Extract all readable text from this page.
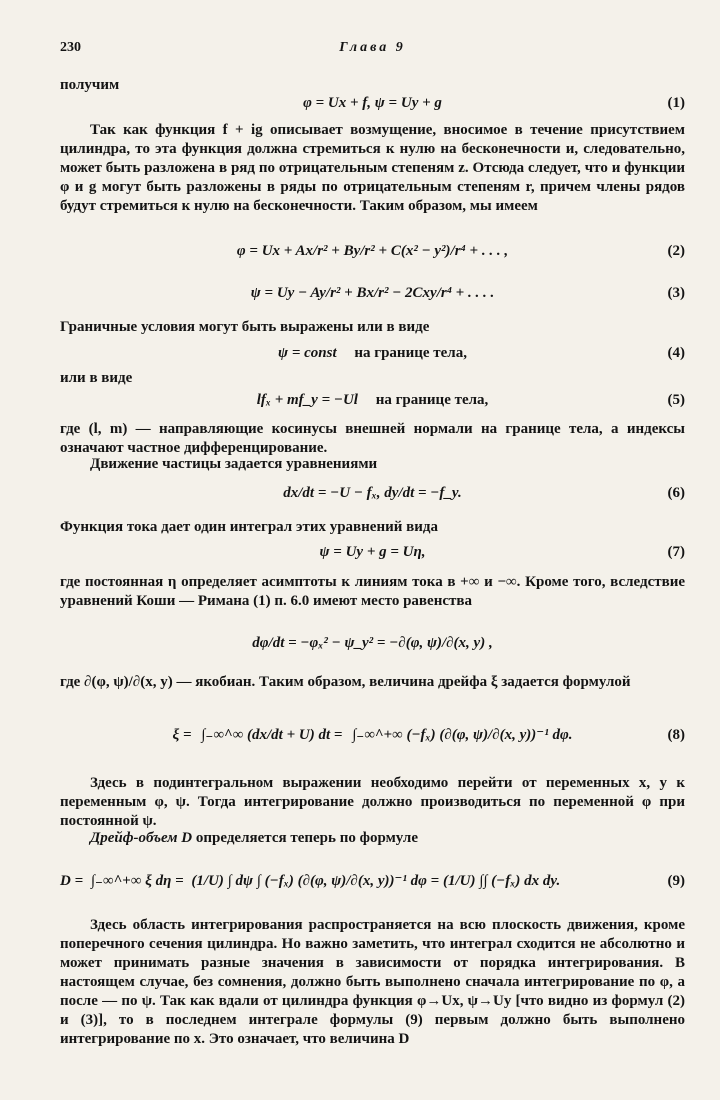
230	Глава 9
получим
φ = Ux + f, ψ = Uy + g	(1)
Так как функция f + ig описывает возмущение, вносимое в течение присутствием цилиндра, то эта функция должна стремиться к нулю на бесконечности и, следовательно, может быть разложена в ряд по отрицательным степеням z. Отсюда следует, что и функции φ и g могут быть разложены в ряды по отрицательным степеням r, причем члены рядов будут стремиться к нулю на бесконечности. Таким образом, мы имеем
φ = Ux + Ax/r² + By/r² + C(x² − y²)/r⁴ + . . . ,	(2)
ψ = Uy − Ay/r² + Bx/r² − 2Cxy/r⁴ + . . . .	(3)
Граничные условия могут быть выражены или в виде
ψ = const на границе тела,	(4)
или в виде
lfₓ + mf_y = −Ul на границе тела,	(5)
где (l, m) — направляющие косинусы внешней нормали на границе тела, а индексы означают частное дифференцирование.
Движение частицы задается уравнениями
dx/dt = −U − fₓ, dy/dt = −f_y.	(6)
Функция тока дает один интеграл этих уравнений вида
ψ = Uy + g = Uη,	(7)
где постоянная η определяет асимптоты к линиям тока в +∞ и −∞. Кроме того, вследствие уравнений Коши — Римана (1) п. 6.0 имеют место равенства
dφ/dt = −φₓ² − ψ_y² = −∂(φ, ψ)/∂(x, y) ,
где ∂(φ, ψ)/∂(x, y) — якобиан. Таким образом, величина дрейфа ξ задается формулой
ξ = ∫₋∞^∞ (dx/dt + U) dt = ∫₋∞^+∞ (−fₓ) (∂(φ, ψ)/∂(x, y))⁻¹ dφ.	(8)
Здесь в подинтегральном выражении необходимо перейти от переменных x, y к переменным φ, ψ. Тогда интегрирование должно производиться по переменной φ при постоянной ψ.
Дрейф-объем D определяется теперь по формуле
D = ∫₋∞^+∞ ξ dη = (1/U) ∫ dψ ∫ (−fₓ) (∂(φ, ψ)/∂(x, y))⁻¹ dφ = (1/U) ∫∫ (−fₓ) dx dy.	(9)
Здесь область интегрирования распространяется на всю плоскость движения, кроме поперечного сечения цилиндра. Но важно заметить, что интеграл сходится не абсолютно и может принимать разные значения в зависимости от порядка интегрирования. В настоящем случае, без сомнения, должно быть выполнено сначала интегрирование по φ, а после — по ψ. Так как вдали от цилиндра функция φ→Ux, ψ→Uy [что видно из формул (2) и (3)], то в последнем интеграле формулы (9) первым должно быть выполнено интегрирование по x. Это означает, что величина D
